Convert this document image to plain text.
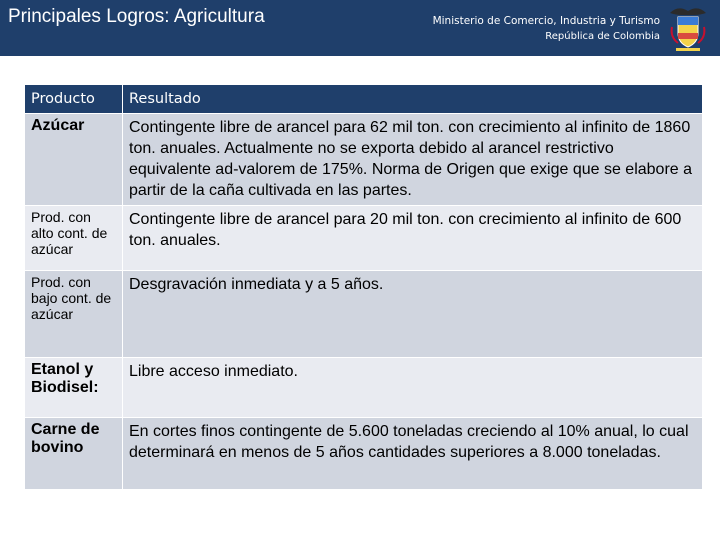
Principales Logros: Agricultura	Ministerio de Comercio, Industria y Turismo
República de Colombia
Producto	Resultado
Azúcar	Contingente libre de arancel para 62 mil ton. con crecimiento al infinito de 1860 ton. anuales. Actualmente no se exporta debido al arancel restrictivo equivalente ad-valorem de 175%. Norma de Origen que exige que se elabore a partir de la caña cultivada en las partes.
Prod. con alto cont. de azúcar	Contingente libre de arancel para 20 mil ton. con crecimiento al infinito de 600 ton. anuales.
Prod. con bajo cont. de azúcar	Desgravación inmediata y a 5 años.
Etanol y Biodisel:	Libre acceso inmediato.
Carne de bovino	En cortes finos contingente de 5.600 toneladas creciendo al 10% anual, lo cual determinará en menos de 5 años cantidades superiores a 8.000 toneladas.
